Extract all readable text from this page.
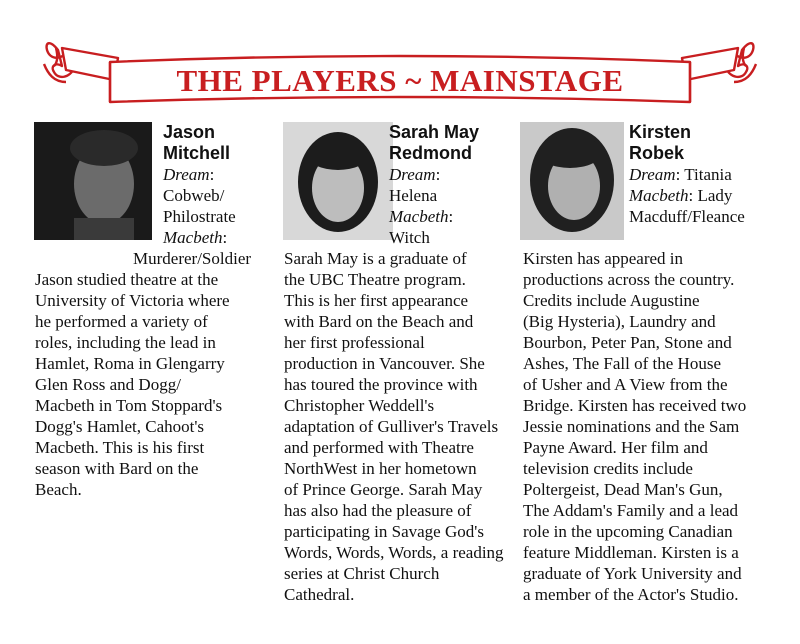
THE PLAYERS ~ MAINSTAGE
Jason
Mitchell
Dream:
Cobweb/
Philostrate
Macbeth:
Murderer/Soldier
Jason studied theatre at the
University of Victoria where
he performed a variety of
roles, including the lead in
Hamlet, Roma in Glengarry
Glen Ross and Dogg/
Macbeth in Tom Stoppard's
Dogg's Hamlet, Cahoot's
Macbeth. This is his first
season with Bard on the
Beach.
Sarah May
Redmond
Dream:
Helena
Macbeth:
Witch
Sarah May is a graduate of
the UBC Theatre program.
This is her first appearance
with Bard on the Beach and
her first professional
production in Vancouver. She
has toured the province with
Christopher Weddell's
adaptation of Gulliver's Travels
and performed with Theatre
NorthWest in her hometown
of Prince George. Sarah May
has also had the pleasure of
participating in Savage God's
Words, Words, Words, a reading
series at Christ Church
Cathedral.
Kirsten
Robek
Dream: Titania
Macbeth: Lady
Macduff/Fleance
Kirsten has appeared in
productions across the country.
Credits include Augustine
(Big Hysteria), Laundry and
Bourbon, Peter Pan, Stone and
Ashes, The Fall of the House
of Usher and A View from the
Bridge. Kirsten has received two
Jessie nominations and the Sam
Payne Award. Her film and
television credits include
Poltergeist, Dead Man's Gun,
The Addam's Family and a lead
role in the upcoming Canadian
feature Middleman. Kirsten is a
graduate of York University and
a member of the Actor's Studio.
